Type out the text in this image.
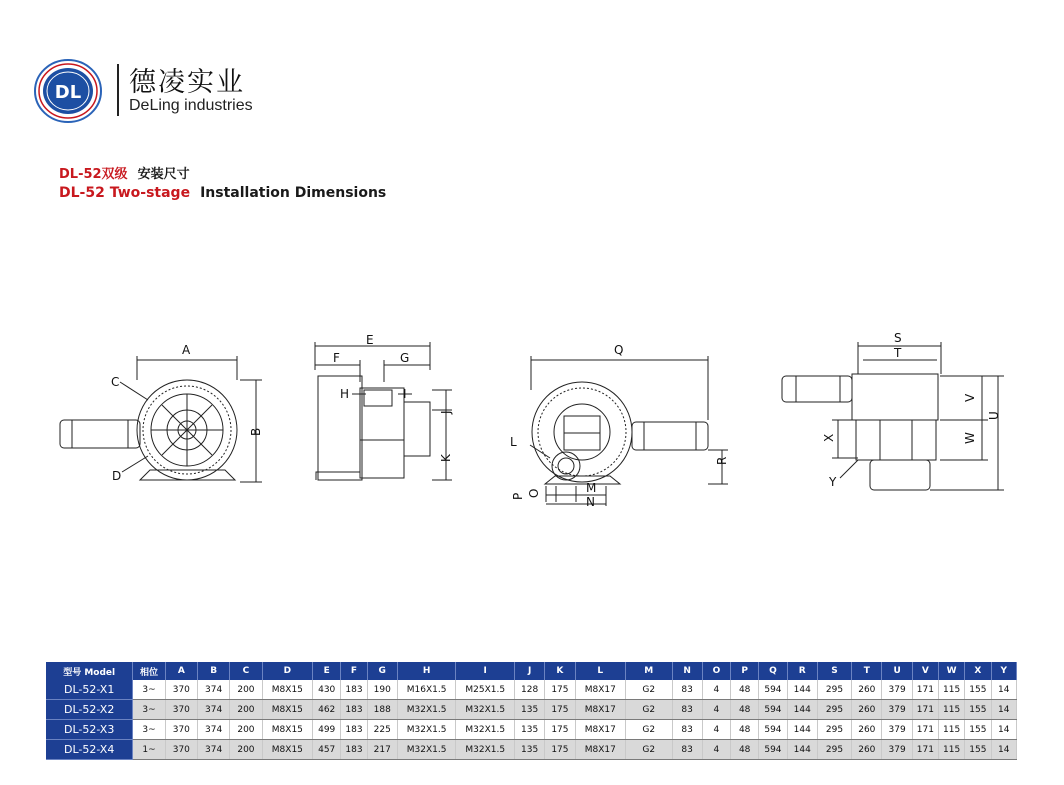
DL 德凌实业
DeLing industries
DL-52双级 安装尺寸
DL-52 Two-stage Installation Dimensions
A
B
C
D
E
F	G
H	I
J
K
Q
L
R
M
N
O
P
S
T
V
U
W
X
Y
型号 Model	相位	A	B	C	D	E	F	G	H	I	J	K	L	M	N	O	P	Q	R	S	T	U	V	W	X	Y
DL-52-X1	3~	370	374	200	M8X15	430	183	190	M16X1.5	M25X1.5	128	175	M8X17	G2	83	4	48	594	144	295	260	379	171	115	155	14
DL-52-X2	3~	370	374	200	M8X15	462	183	188	M32X1.5	M32X1.5	135	175	M8X17	G2	83	4	48	594	144	295	260	379	171	115	155	14
DL-52-X3	3~	370	374	200	M8X15	499	183	225	M32X1.5	M32X1.5	135	175	M8X17	G2	83	4	48	594	144	295	260	379	171	115	155	14
DL-52-X4	1~	370	374	200	M8X15	457	183	217	M32X1.5	M32X1.5	135	175	M8X17	G2	83	4	48	594	144	295	260	379	171	115	155	14
